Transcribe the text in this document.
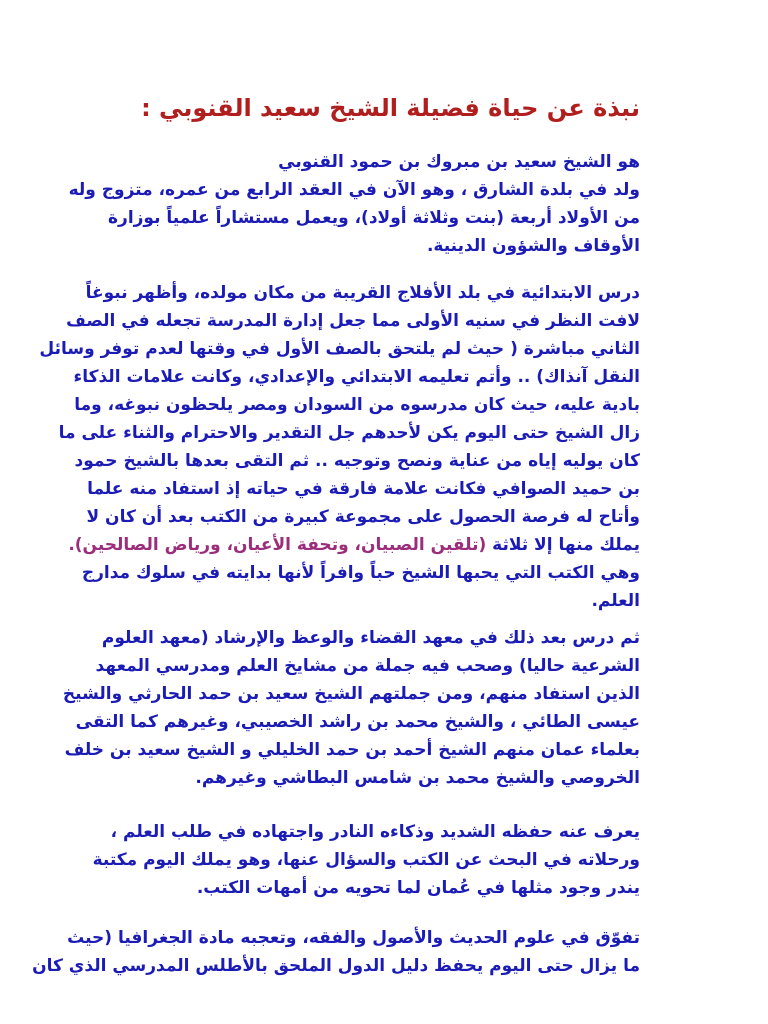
نبذة عن حياة فضيلة الشيخ سعيد القنوبي :
هو الشيخ سعيد بن مبروك بن حمود القنوبي
ولد في بلدة الشارق ، وهو الآن في العقد الرابع من عمره، متزوج وله
من الأولاد أربعة (بنت وثلاثة أولاد)، ويعمل مستشاراً علمياً بوزارة
الأوقاف والشؤون الدينية.
درس الابتدائية في بلد الأفلاج القريبة من مكان مولده، وأظهر نبوغاً
لافت النظر في سنيه الأولى مما جعل إدارة المدرسة تجعله في الصف
الثاني مباشرة ( حيث لم يلتحق بالصف الأول في وقتها لعدم توفر وسائل
النقل آنذاك) .. وأتم تعليمه الابتدائي والإعدادي، وكانت علامات الذكاء
بادية عليه، حيث كان مدرسوه من السودان ومصر يلحظون نبوغه، وما
زال الشيخ حتى اليوم يكن لأحدهم جل التقدير والاحترام والثناء على ما
كان يوليه إياه من عناية ونصح وتوجيه .. ثم التقى بعدها بالشيخ حمود
بن حميد الصوافي فكانت علامة فارقة في حياته إذ استفاد منه علما
وأتاح له فرصة الحصول على مجموعة كبيرة من الكتب بعد أن كان لا
يملك منها إلا ثلاثة (تلقين الصبيان، وتحفة الأعيان، ورياض الصالحين).
وهي الكتب التي يحبها الشيخ حباً وافراً لأنها بدايته في سلوك مدارج
العلم.
ثم درس بعد ذلك في معهد القضاء والوعظ والإرشاد (معهد العلوم
الشرعية حاليا) وصحب فيه جملة من مشايخ العلم ومدرسي المعهد
الذين استفاد منهم، ومن جملتهم الشيخ سعيد بن حمد الحارثي والشيخ
عيسى الطائي ، والشيخ محمد بن راشد الخصيبي، وغيرهم كما التقى
بعلماء عمان منهم الشيخ أحمد بن حمد الخليلي و الشيخ سعيد بن خلف
الخروصي والشيخ محمد بن شامس البطاشي وغيرهم.
يعرف عنه حفظه الشديد وذكاءه النادر واجتهاده في طلب العلم ،
ورحلاته في البحث عن الكتب والسؤال عنها، وهو يملك اليوم مكتبة
يندر وجود مثلها في عُمان لما تحويه من أمهات الكتب.
تفوّق في علوم الحديث والأصول والفقه، وتعجبه مادة الجغرافيا (حيث
ما يزال حتى اليوم يحفظ دليل الدول الملحق بالأطلس المدرسي الذي كان
